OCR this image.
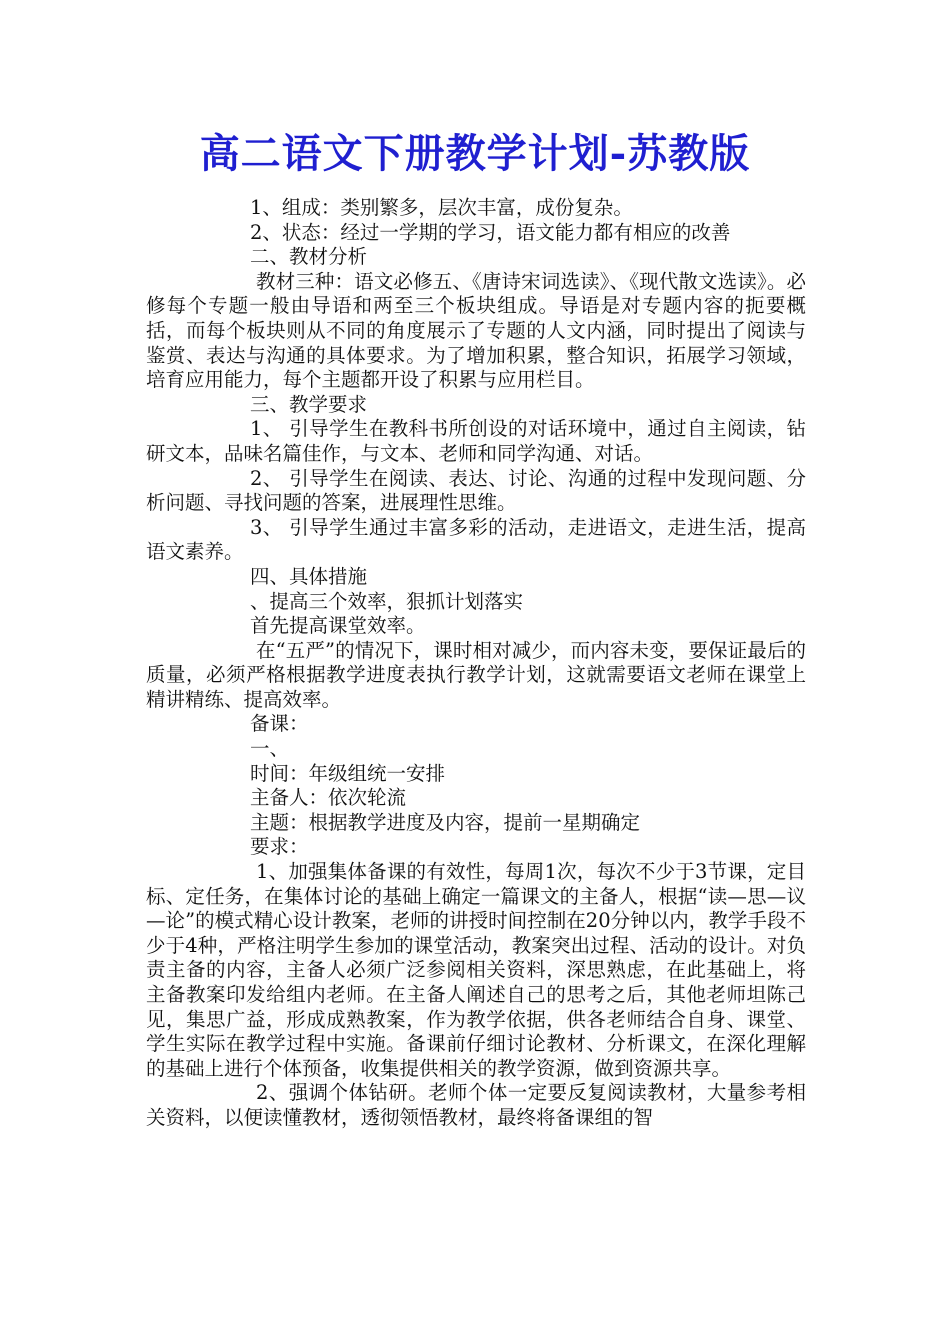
高二语文下册教学计划-苏教版

1、组成：类别繁多，层次丰富，成份复杂。

2、状态：经过一学期的学习，语文能力都有相应的改善

二、教材分析

教材三种：语文必修五、《唐诗宋词选读》、《现代散文选读》。必修每个专题一般由导语和两至三个板块组成。导语是对专题内容的扼要概括，而每个板块则从不同的角度展示了专题的人文内涵，同时提出了阅读与鉴赏、表达与沟通的具体要求。为了增加积累，整合知识，拓展学习领域，培育应用能力，每个主题都开设了积累与应用栏目。

三、教学要求

1、 引导学生在教科书所创设的对话环境中，通过自主阅读，钻研文本，品味名篇佳作，与文本、老师和同学沟通、对话。

2、 引导学生在阅读、表达、讨论、沟通的过程中发现问题、分析问题、寻找问题的答案，进展理性思维。

3、 引导学生通过丰富多彩的活动，走进语文，走进生活，提高语文素养。

四、具体措施

、提高三个效率，狠抓计划落实

首先提高课堂效率。

在“五严”的情况下，课时相对减少，而内容未变，要保证最后的质量，必须严格根据教学进度表执行教学计划，这就需要语文老师在课堂上精讲精练、提高效率。

备课：

一、

时间：年级组统一安排

主备人：依次轮流

主题：根据教学进度及内容，提前一星期确定

要求：

1、加强集体备课的有效性，每周1次，每次不少于3节课，定目标、定任务，在集体讨论的基础上确定一篇课文的主备人，根据“读—思—议—论”的模式精心设计教案，老师的讲授时间控制在20分钟以内，教学手段不少于4种，严格注明学生参加的课堂活动，教案突出过程、活动的设计。对负责主备的内容，主备人必须广泛参阅相关资料，深思熟虑，在此基础上，将主备教案印发给组内老师。在主备人阐述自己的思考之后，其他老师坦陈己见，集思广益，形成成熟教案，作为教学依据，供各老师结合自身、课堂、学生实际在教学过程中实施。备课前仔细讨论教材、分析课文，在深化理解的基础上进行个体预备，收集提供相关的教学资源，做到资源共享。

2、强调个体钻研。老师个体一定要反复阅读教材，大量参考相关资料，以便读懂教材，透彻领悟教材，最终将备课组的智
